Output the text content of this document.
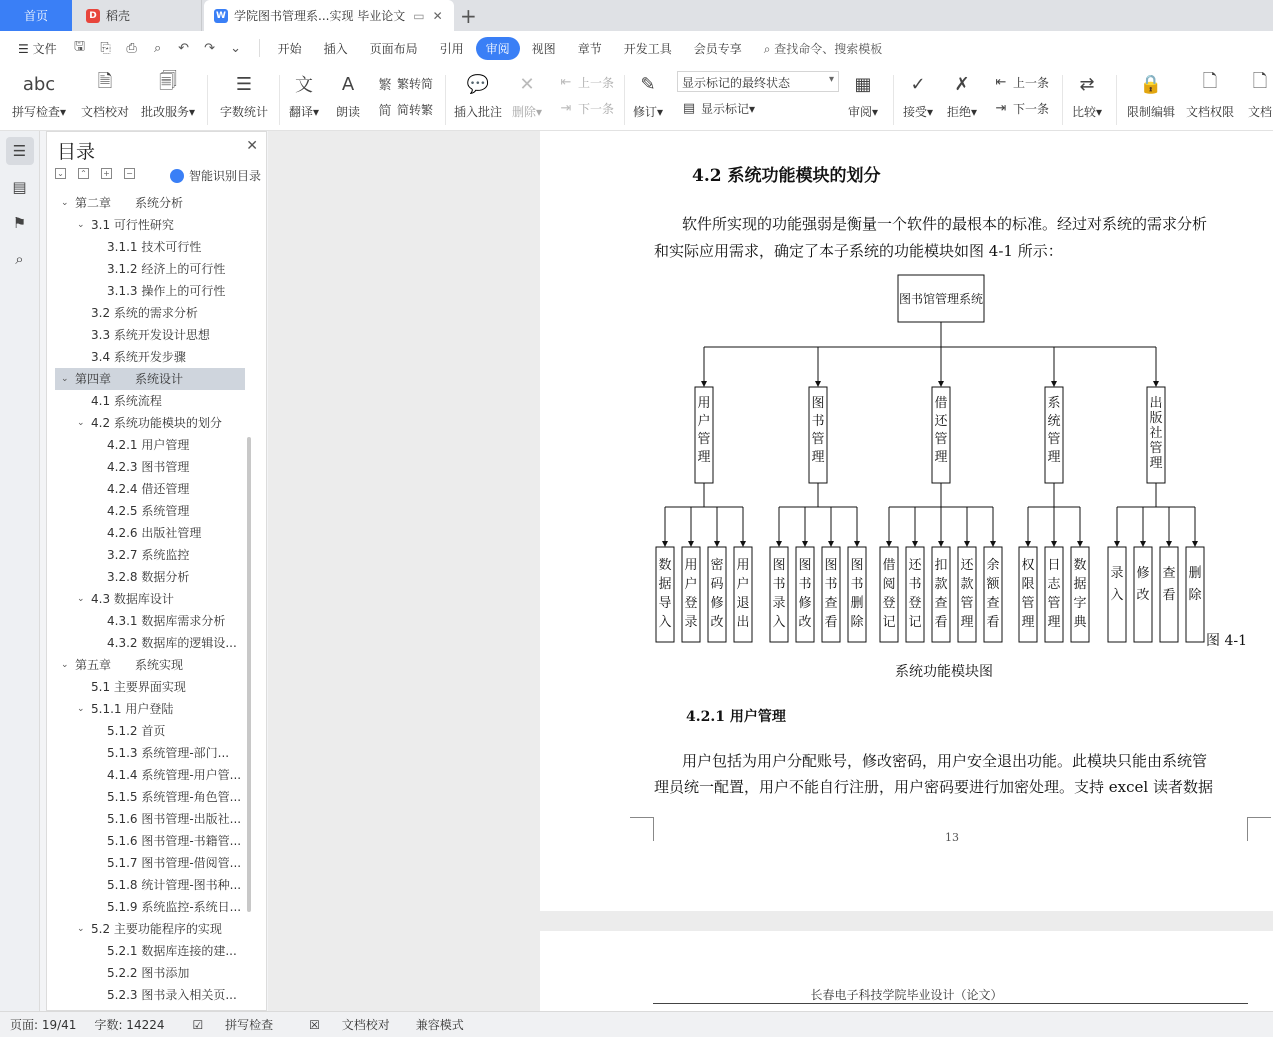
首页	D 稻壳	W 学院图书管理系...实现 毕业论文 ▭ ✕ +
☰ 文件	🖫	⎘	⎙	⌕	↶	↷	⌄	开始	插入	页面布局	引用	审阅	视图	章节	开发工具	会员专享	⌕ 查找命令、搜索模板
abc
拼写检查▾
🗎
文档校对
🗐
批改服务▾
☰
字数统计
文
翻译▾
A
朗读
繁 繁转简
简 简转繁
💬
插入批注
✕
删除▾
⇤ 上一条
⇥ 下一条
✎
修订▾
显示标记的最终状态 ▾
▤ 显示标记 ▾
▦
审阅▾
✓
接受▾
✗
拒绝▾
⇤ 上一条
⇥ 下一条
⇄
比较▾
🔒
限制编辑
🗋
文档权限
🗋
文档
☰
▤
⚑
⌕
目录	✕
⌄ ⌃ + −	智能识别目录
⌄ 第二章　　系统分析
⌄ 3.1 可行性研究
3.1.1 技术可行性
3.1.2 经济上的可行性
3.1.3 操作上的可行性
3.2 系统的需求分析
3.3 系统开发设计思想
3.4 系统开发步骤
⌄ 第四章　　系统设计
4.1 系统流程
⌄ 4.2 系统功能模块的划分
4.2.1 用户管理
4.2.3 图书管理
4.2.4 借还管理
4.2.5 系统管理
4.2.6 出版社管理
3.2.7 系统监控
3.2.8 数据分析
⌄ 4.3 数据库设计
4.3.1 数据库需求分析
4.3.2 数据库的逻辑设...
⌄ 第五章　　系统实现
5.1 主要界面实现
⌄ 5.1.1 用户登陆
5.1.2 首页
5.1.3 系统管理-部门...
4.1.4 系统管理-用户管...
5.1.5 系统管理-角色管...
5.1.6 图书管理-出版社...
5.1.6 图书管理-书籍管...
5.1.7 图书管理-借阅管...
5.1.8 统计管理-图书种...
5.1.9 系统监控-系统日...
⌄ 5.2 主要功能程序的实现
5.2.1 数据库连接的建...
5.2.2 图书添加
5.2.3 图书录入相关页...
4.2 系统功能模块的划分
软件所实现的功能强弱是衡量一个软件的最根本的标准。经过对系统的需求分析
和实际应用需求，确定了本子系统的功能模块如图 4-1 所示：
图书馆管理系统
用户管理
数据导入
用户登录
密码修改
用户退出
图书管理
图书录入
图书修改
图书查看
图书删除
借还管理
借阅登记
还书登记
扣款查看
还款管理
余额查看
系统管理
权限管理
日志管理
数据字典
出版社管理
录入
修改
查看
删除
图 4-1
系统功能模块图
4.2.1 用户管理
用户包括为用户分配账号，修改密码，用户安全退出功能。此模块只能由系统管
理员统一配置，用户不能自行注册，用户密码要进行加密处理。支持 excel 读者数据
13
长春电子科技学院毕业设计（论文）
页面: 19/41 字数: 14224	☑ 拼写检查	☒ 文档校对	兼容模式
